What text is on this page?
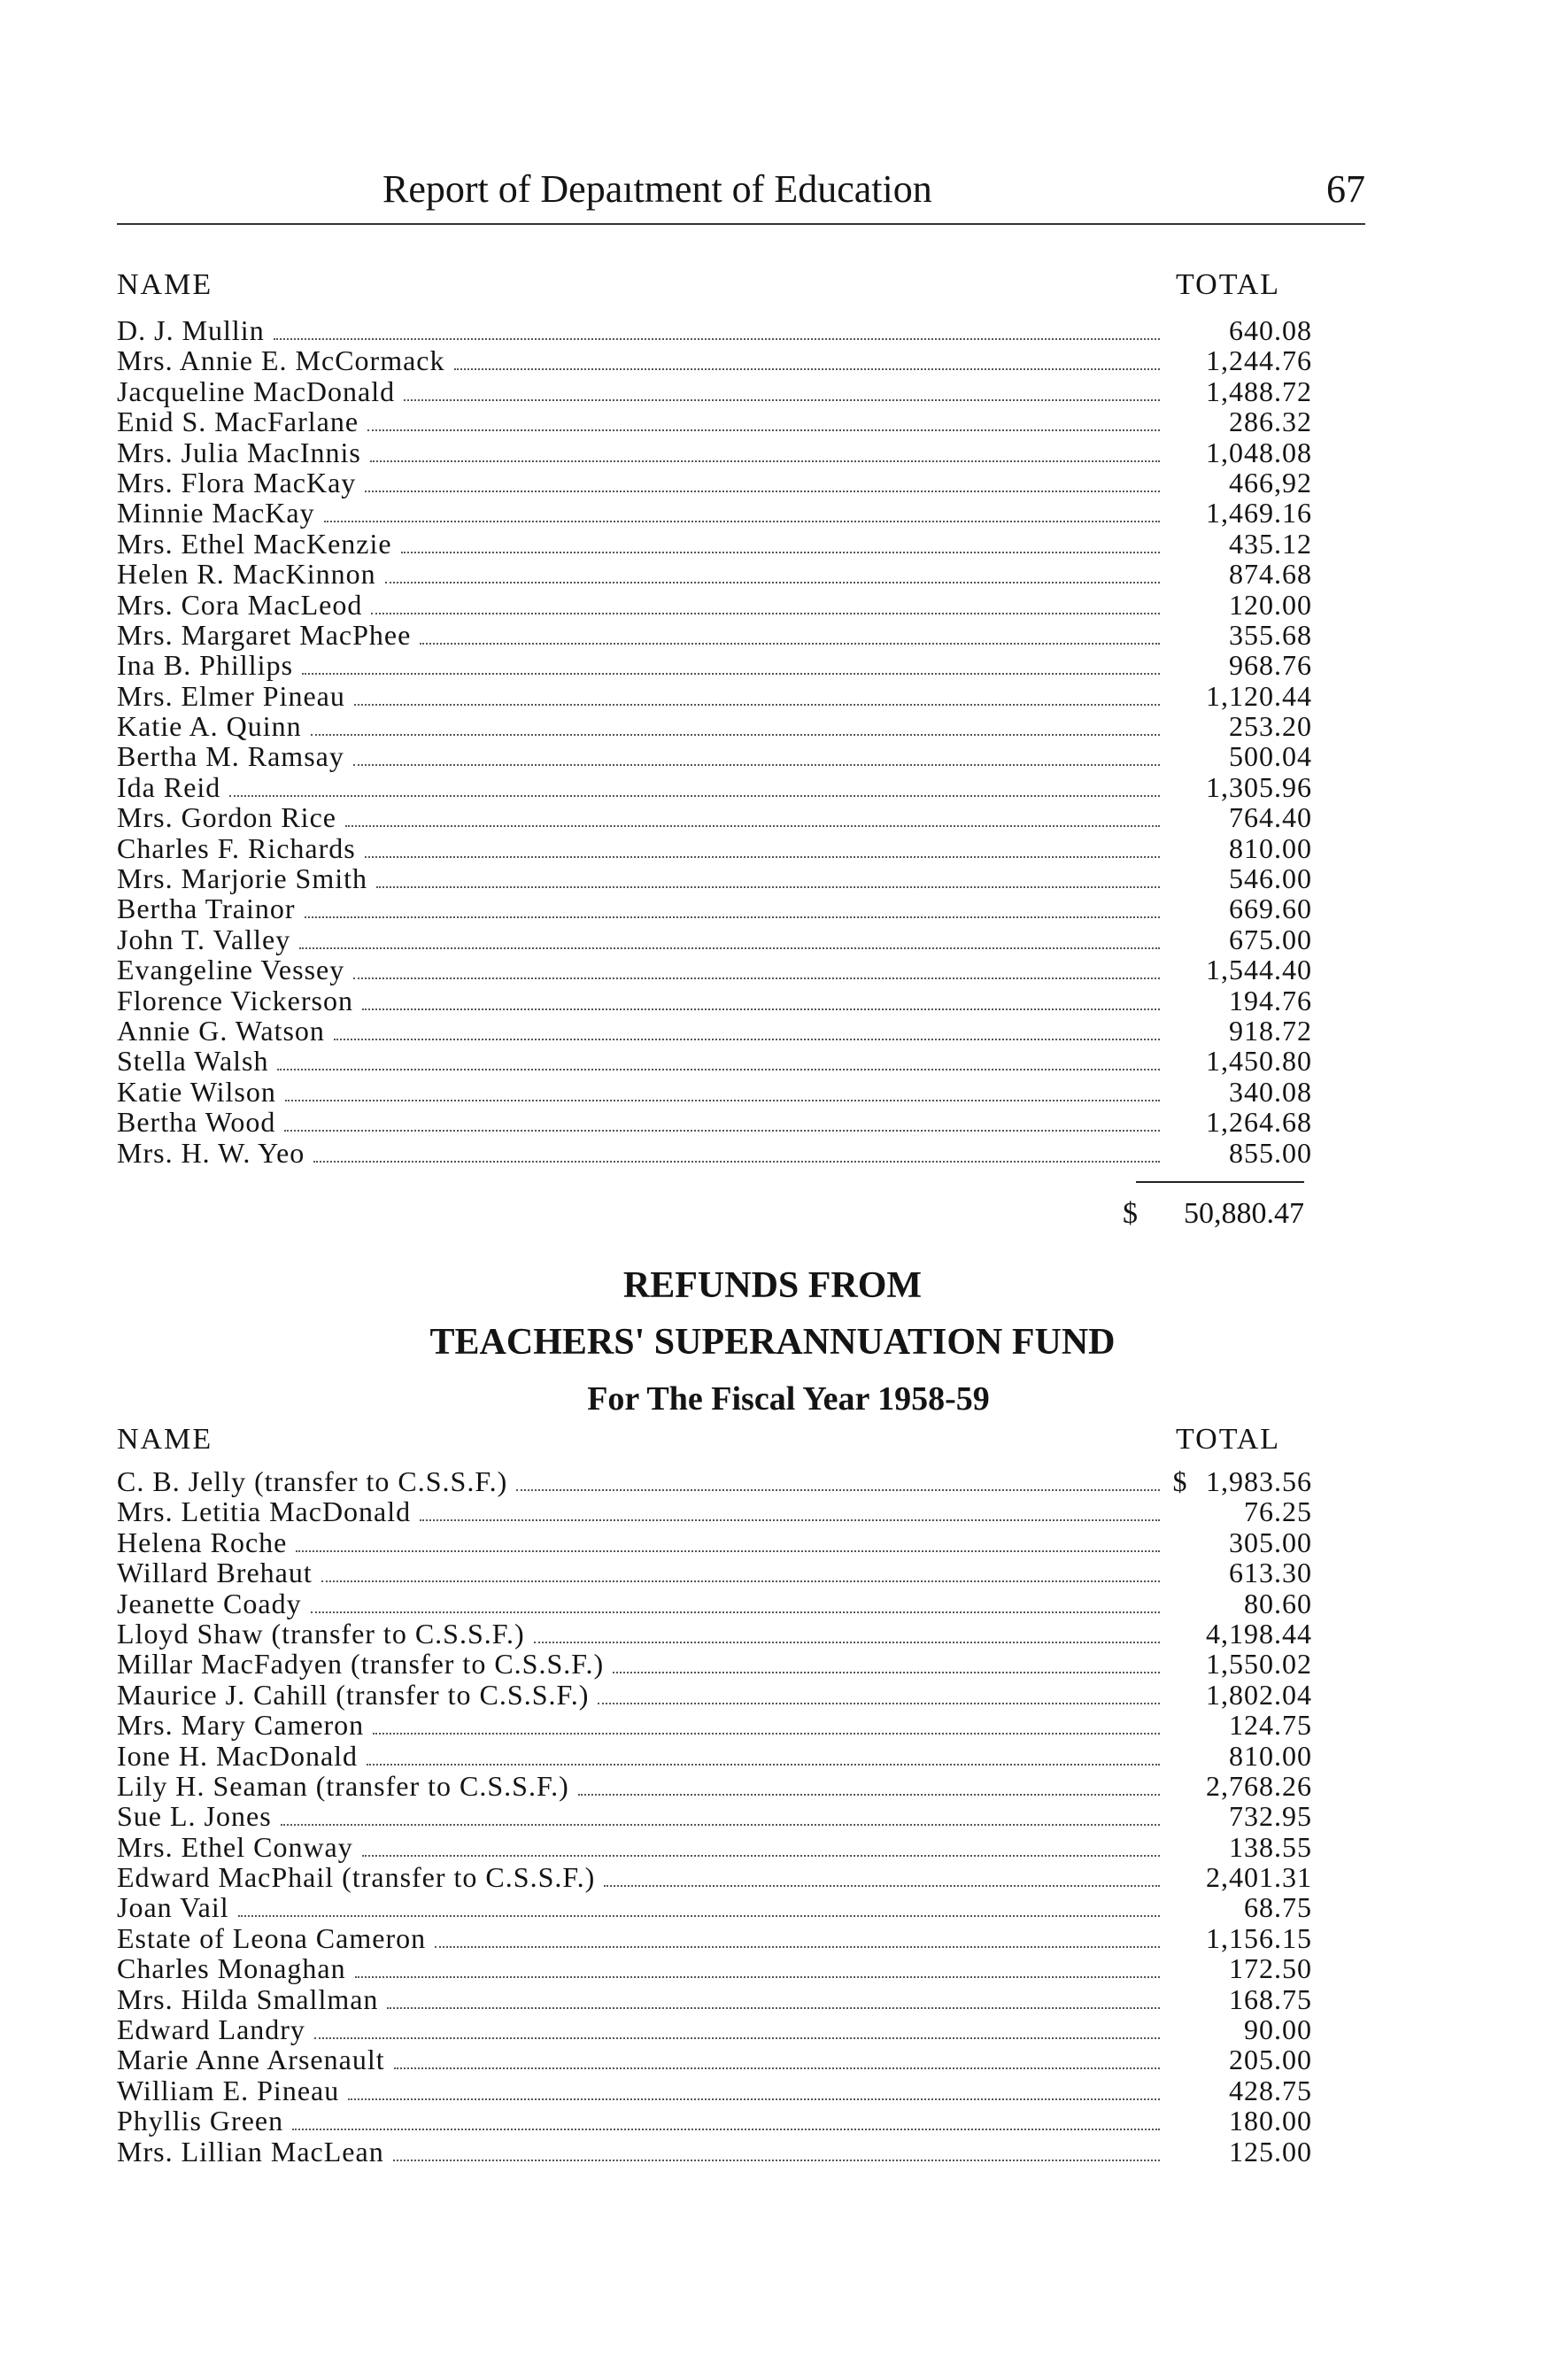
Report of Depaıtment of Education	67
NAME	TOTAL
D. J. Mullin	640.08
Mrs. Annie E. McCormack	1,244.76
Jacqueline MacDonald	1,488.72
Enid S. MacFarlane	286.32
Mrs. Julia MacInnis	1,048.08
Mrs. Flora MacKay	466,92
Minnie MacKay	1,469.16
Mrs. Ethel MacKenzie	435.12
Helen R. MacKinnon	874.68
Mrs. Cora MacLeod	120.00
Mrs. Margaret MacPhee	355.68
Ina B. Phillips	968.76
Mrs. Elmer Pineau	1,120.44
Katie A. Quinn	253.20
Bertha M. Ramsay	500.04
Ida Reid	1,305.96
Mrs. Gordon Rice	764.40
Charles F. Richards	810.00
Mrs. Marjorie Smith	546.00
Bertha Trainor	669.60
John T. Valley	675.00
Evangeline Vessey	1,544.40
Florence Vickerson	194.76
Annie G. Watson	918.72
Stella Walsh	1,450.80
Katie Wilson	340.08
Bertha Wood	1,264.68
Mrs. H. W. Yeo	855.00
$ 50,880.47
REFUNDS FROM
TEACHERS' SUPERANNUATION FUND
For The Fiscal Year 1958-59
NAME	TOTAL
C. B. Jelly (transfer to C.S.S.F.)	$ 1,983.56
Mrs. Letitia MacDonald	76.25
Helena Roche	305.00
Willard Brehaut	613.30
Jeanette Coady	80.60
Lloyd Shaw (transfer to C.S.S.F.)	4,198.44
Millar MacFadyen (transfer to C.S.S.F.)	1,550.02
Maurice J. Cahill (transfer to C.S.S.F.)	1,802.04
Mrs. Mary Cameron	124.75
Ione H. MacDonald	810.00
Lily H. Seaman (transfer to C.S.S.F.)	2,768.26
Sue L. Jones	732.95
Mrs. Ethel Conway	138.55
Edward MacPhail (transfer to C.S.S.F.)	2,401.31
Joan Vail	68.75
Estate of Leona Cameron	1,156.15
Charles Monaghan	172.50
Mrs. Hilda Smallman	168.75
Edward Landry	90.00
Marie Anne Arsenault	205.00
William E. Pineau	428.75
Phyllis Green	180.00
Mrs. Lillian MacLean	125.00
